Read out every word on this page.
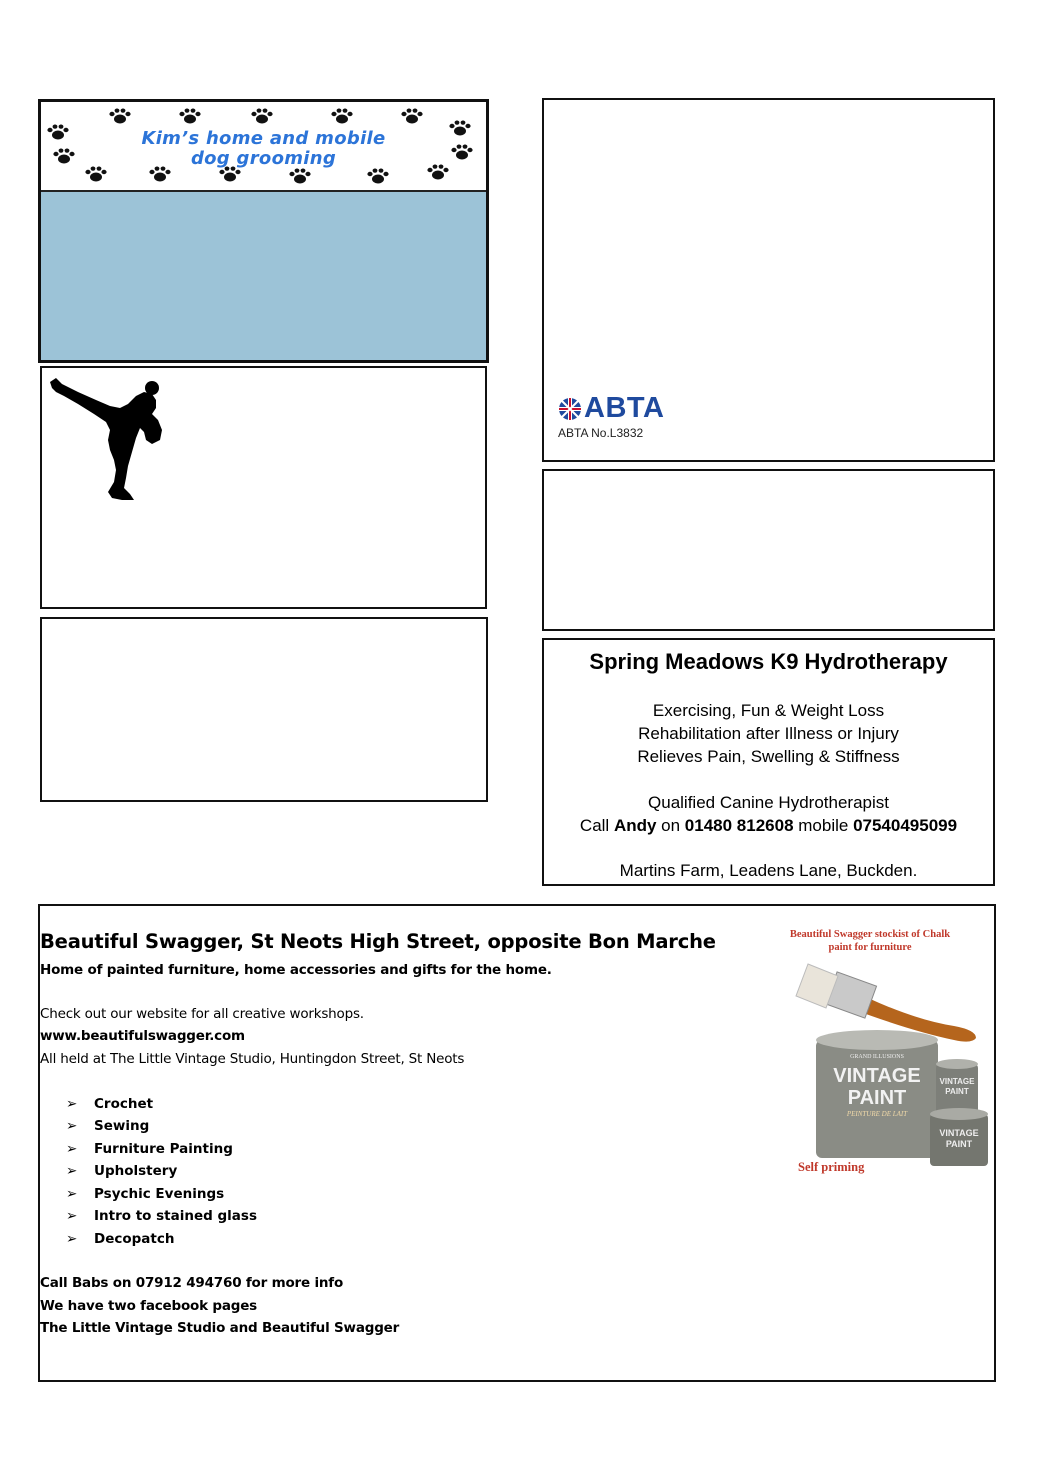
Kim’s home and mobile
dog grooming
ABTA
ABTA No.L3832
Spring Meadows K9 Hydrotherapy
Exercising, Fun & Weight Loss
Rehabilitation after Illness or Injury
Relieves Pain, Swelling & Stiffness
Qualified Canine Hydrotherapist
Call Andy on 01480 812608 mobile 07540495099
Martins Farm, Leadens Lane, Buckden.
Beautiful Swagger, St Neots High Street, opposite Bon Marche
Home of painted furniture, home accessories and gifts for the home.
Check out our website for all creative workshops.
www.beautifulswagger.com
All held at The Little Vintage Studio, Huntingdon Street, St Neots
➢ Crochet
➢ Sewing
➢ Furniture Painting
➢ Upholstery
➢ Psychic Evenings
➢ Intro to stained glass
➢ Decopatch
Call Babs on 07912 494760 for more info
We have two facebook pages
The Little Vintage Studio and Beautiful Swagger
Beautiful Swagger stockist of Chalk
paint for furniture
GRAND ILLUSIONS
VINTAGE
PAINT
PEINTURE DE LAIT
VINTAGE
PAINT
VINTAGE
PAINT
Self priming
